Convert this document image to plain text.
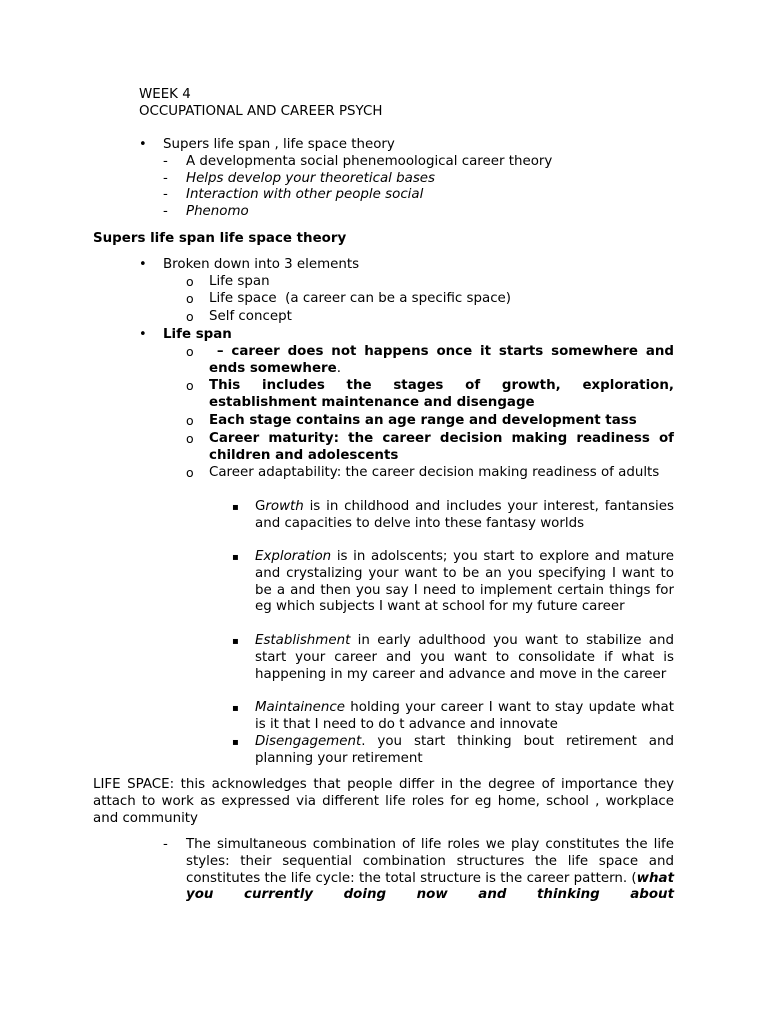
WEEK 4
OCCUPATIONAL AND CAREER PSYCH
• Supers life span , life space theory
- A developmenta social phenemoological career theory
- Helps develop your theoretical bases
- Interaction with other people social
- Phenomo
Supers life span life space theory
• Broken down into 3 elements
o Life span
o Life space  (a career can be a specific space)
o Self concept
• Life span
o – career does not happens once it starts somewhere and ends somewhere.
o This includes the stages of growth, exploration, establishment maintenance and disengage
o Each stage contains an age range and development tass
o Career maturity: the career decision making readiness of children and adolescents
o Career adaptability: the career decision making readiness of adults
▪ Growth is in childhood and includes your interest, fantansies and capacities to delve into these fantasy worlds
▪ Exploration is in adolscents; you start to explore and mature and crystalizing your want to be an you specifying I want to be a and then you say I need to implement certain things for eg which subjects I want at school for my future career
▪ Establishment in early adulthood you want to stabilize and start your career and you want to consolidate if what is happening in my career and advance and move in the career
▪ Maintainence holding your career I want to stay update what is it that I need to do t advance and innovate
▪ Disengagement. you start thinking bout retirement and planning your retirement
LIFE SPACE: this acknowledges that people differ in the degree of importance they attach to work as expressed via different life roles for eg home, school , workplace and community
- The simultaneous combination of life roles we play constitutes the life styles: their sequential combination structures the life space and constitutes the life cycle: the total structure is the career pattern. (what you currently doing now and thinking about
